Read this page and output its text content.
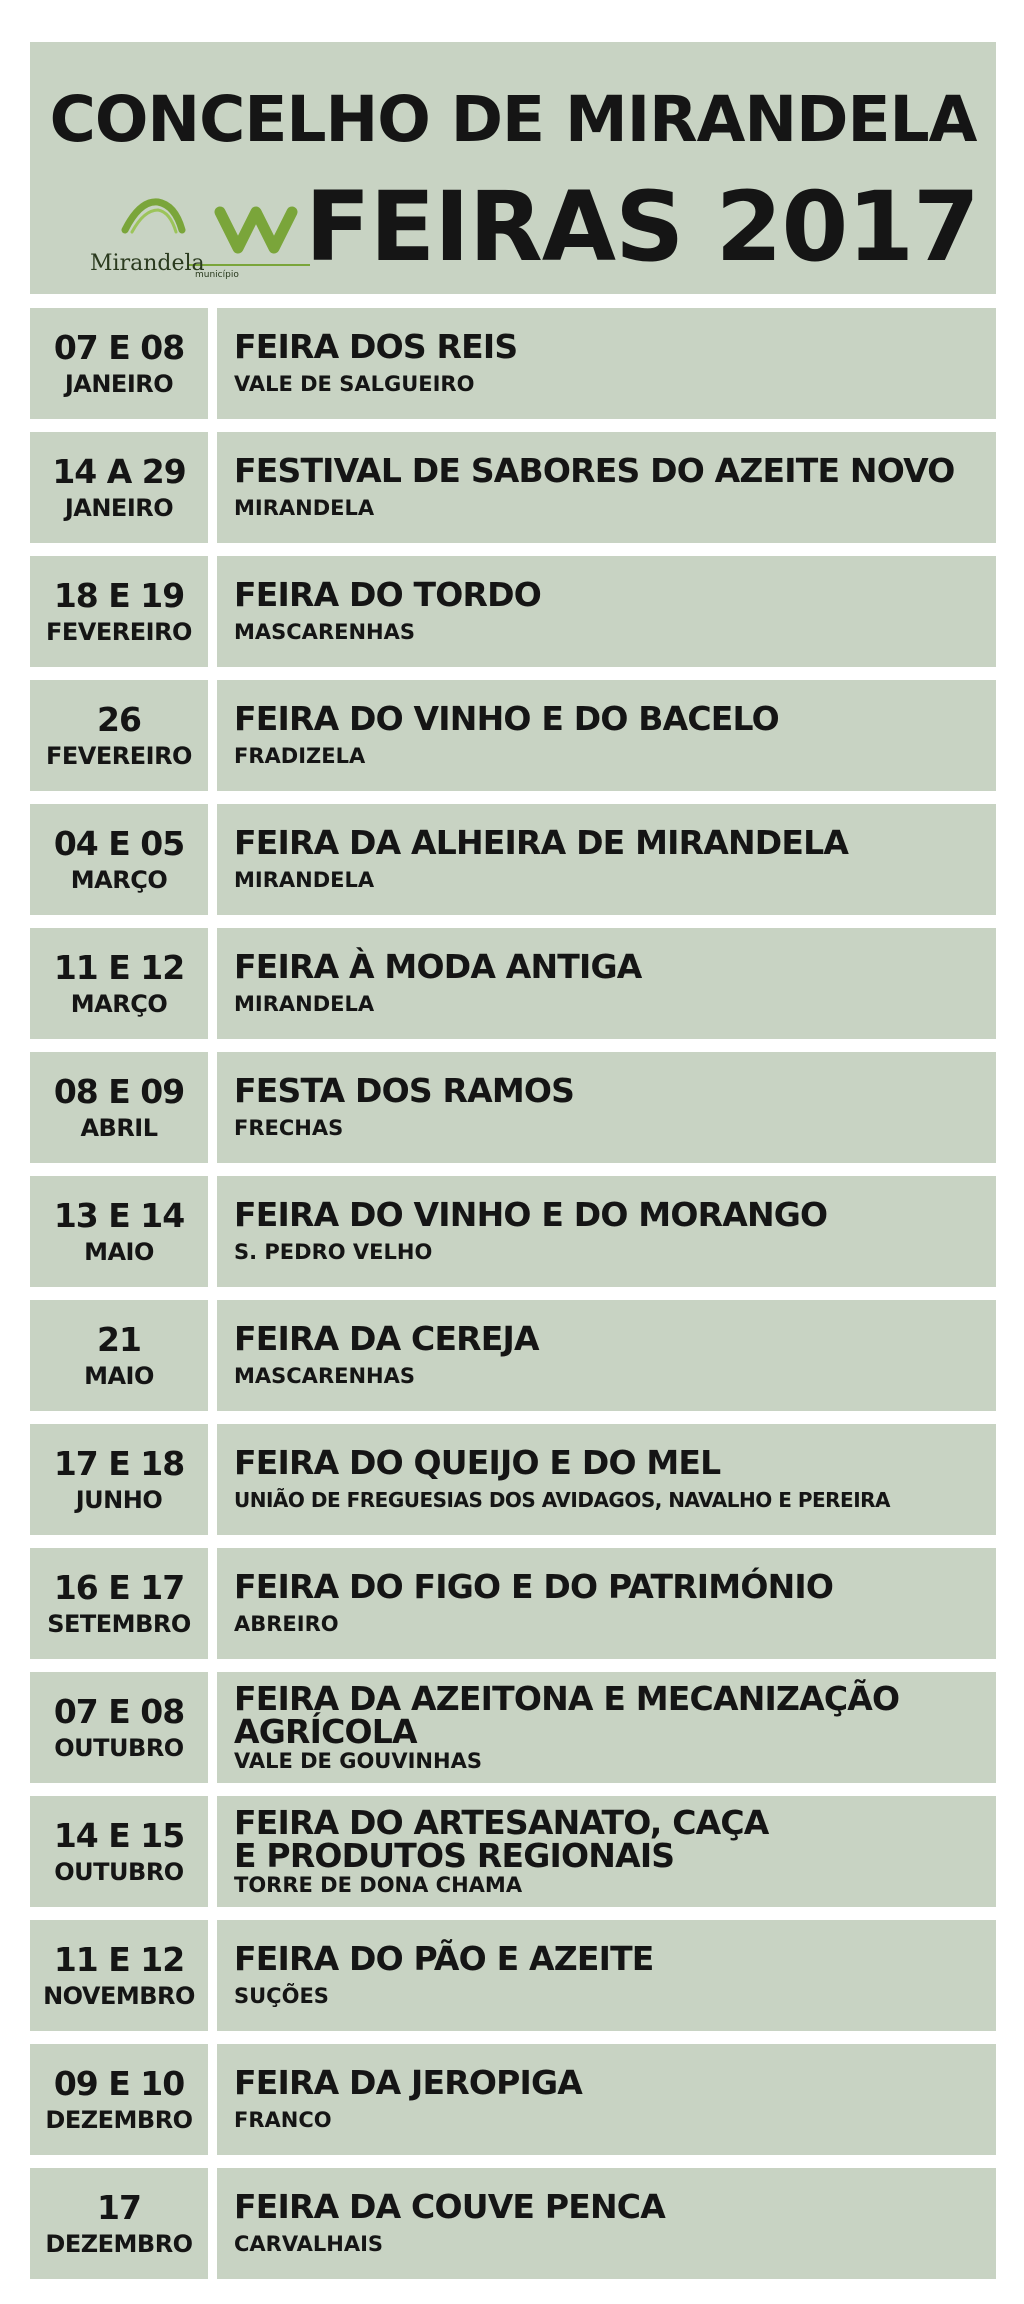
CONCELHO DE MIRANDELA
Mirandela
município FEIRAS 2017
07 E 08
JANEIRO
FEIRA DOS REIS
VALE DE SALGUEIRO
14 A 29
JANEIRO
FESTIVAL DE SABORES DO AZEITE NOVO
MIRANDELA
18 E 19
FEVEREIRO
FEIRA DO TORDO
MASCARENHAS
26
FEVEREIRO
FEIRA DO VINHO E DO BACELO
FRADIZELA
04 E 05
MARÇO
FEIRA DA ALHEIRA DE MIRANDELA
MIRANDELA
11 E 12
MARÇO
FEIRA À MODA ANTIGA
MIRANDELA
08 E 09
ABRIL
FESTA DOS RAMOS
FRECHAS
13 E 14
MAIO
FEIRA DO VINHO E DO MORANGO
S. PEDRO VELHO
21
MAIO
FEIRA DA CEREJA
MASCARENHAS
17 E 18
JUNHO
FEIRA DO QUEIJO E DO MEL
UNIÃO DE FREGUESIAS DOS AVIDAGOS, NAVALHO E PEREIRA
16 E 17
SETEMBRO
FEIRA DO FIGO E DO PATRIMÓNIO
ABREIRO
07 E 08
OUTUBRO
FEIRA DA AZEITONA E MECANIZAÇÃO
AGRÍCOLA
VALE DE GOUVINHAS
14 E 15
OUTUBRO
FEIRA DO ARTESANATO, CAÇA
E PRODUTOS REGIONAIS
TORRE DE DONA CHAMA
11 E 12
NOVEMBRO
FEIRA DO PÃO E AZEITE
SUÇÕES
09 E 10
DEZEMBRO
FEIRA DA JEROPIGA
FRANCO
17
DEZEMBRO
FEIRA DA COUVE PENCA
CARVALHAIS
